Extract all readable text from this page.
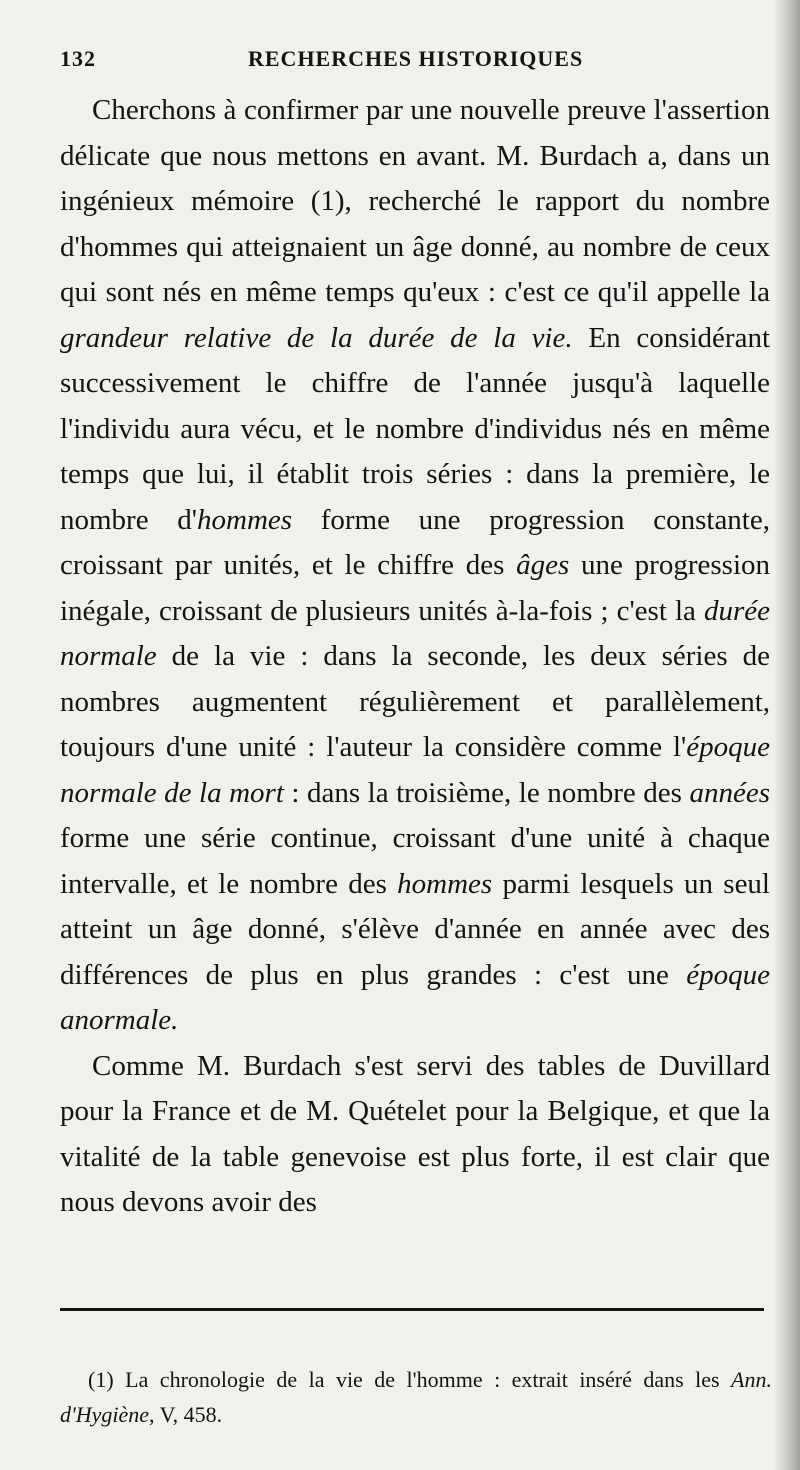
132	RECHERCHES HISTORIQUES

Cherchons à confirmer par une nouvelle preuve l'assertion délicate que nous mettons en avant. M. Burdach a, dans un ingénieux mémoire (1), recherché le rapport du nombre d'hommes qui atteignaient un âge donné, au nombre de ceux qui sont nés en même temps qu'eux : c'est ce qu'il appelle la grandeur relative de la durée de la vie. En considérant successivement le chiffre de l'année jusqu'à laquelle l'individu aura vécu, et le nombre d'individus nés en même temps que lui, il établit trois séries : dans la première, le nombre d'hommes forme une progression constante, croissant par unités, et le chiffre des âges une progression inégale, croissant de plusieurs unités à-la-fois ; c'est la durée normale de la vie : dans la seconde, les deux séries de nombres augmentent régulièrement et parallèlement, toujours d'une unité : l'auteur la considère comme l'époque normale de la mort : dans la troisième, le nombre des années forme une série continue, croissant d'une unité à chaque intervalle, et le nombre des hommes parmi lesquels un seul atteint un âge donné, s'élève d'année en année avec des différences de plus en plus grandes : c'est une époque anormale.

Comme M. Burdach s'est servi des tables de Duvillard pour la France et de M. Quételet pour la Belgique, et que la vitalité de la table genevoise est plus forte, il est clair que nous devons avoir des

(1) La chronologie de la vie de l'homme : extrait inséré dans les Ann. d'Hygiène, V, 458.
